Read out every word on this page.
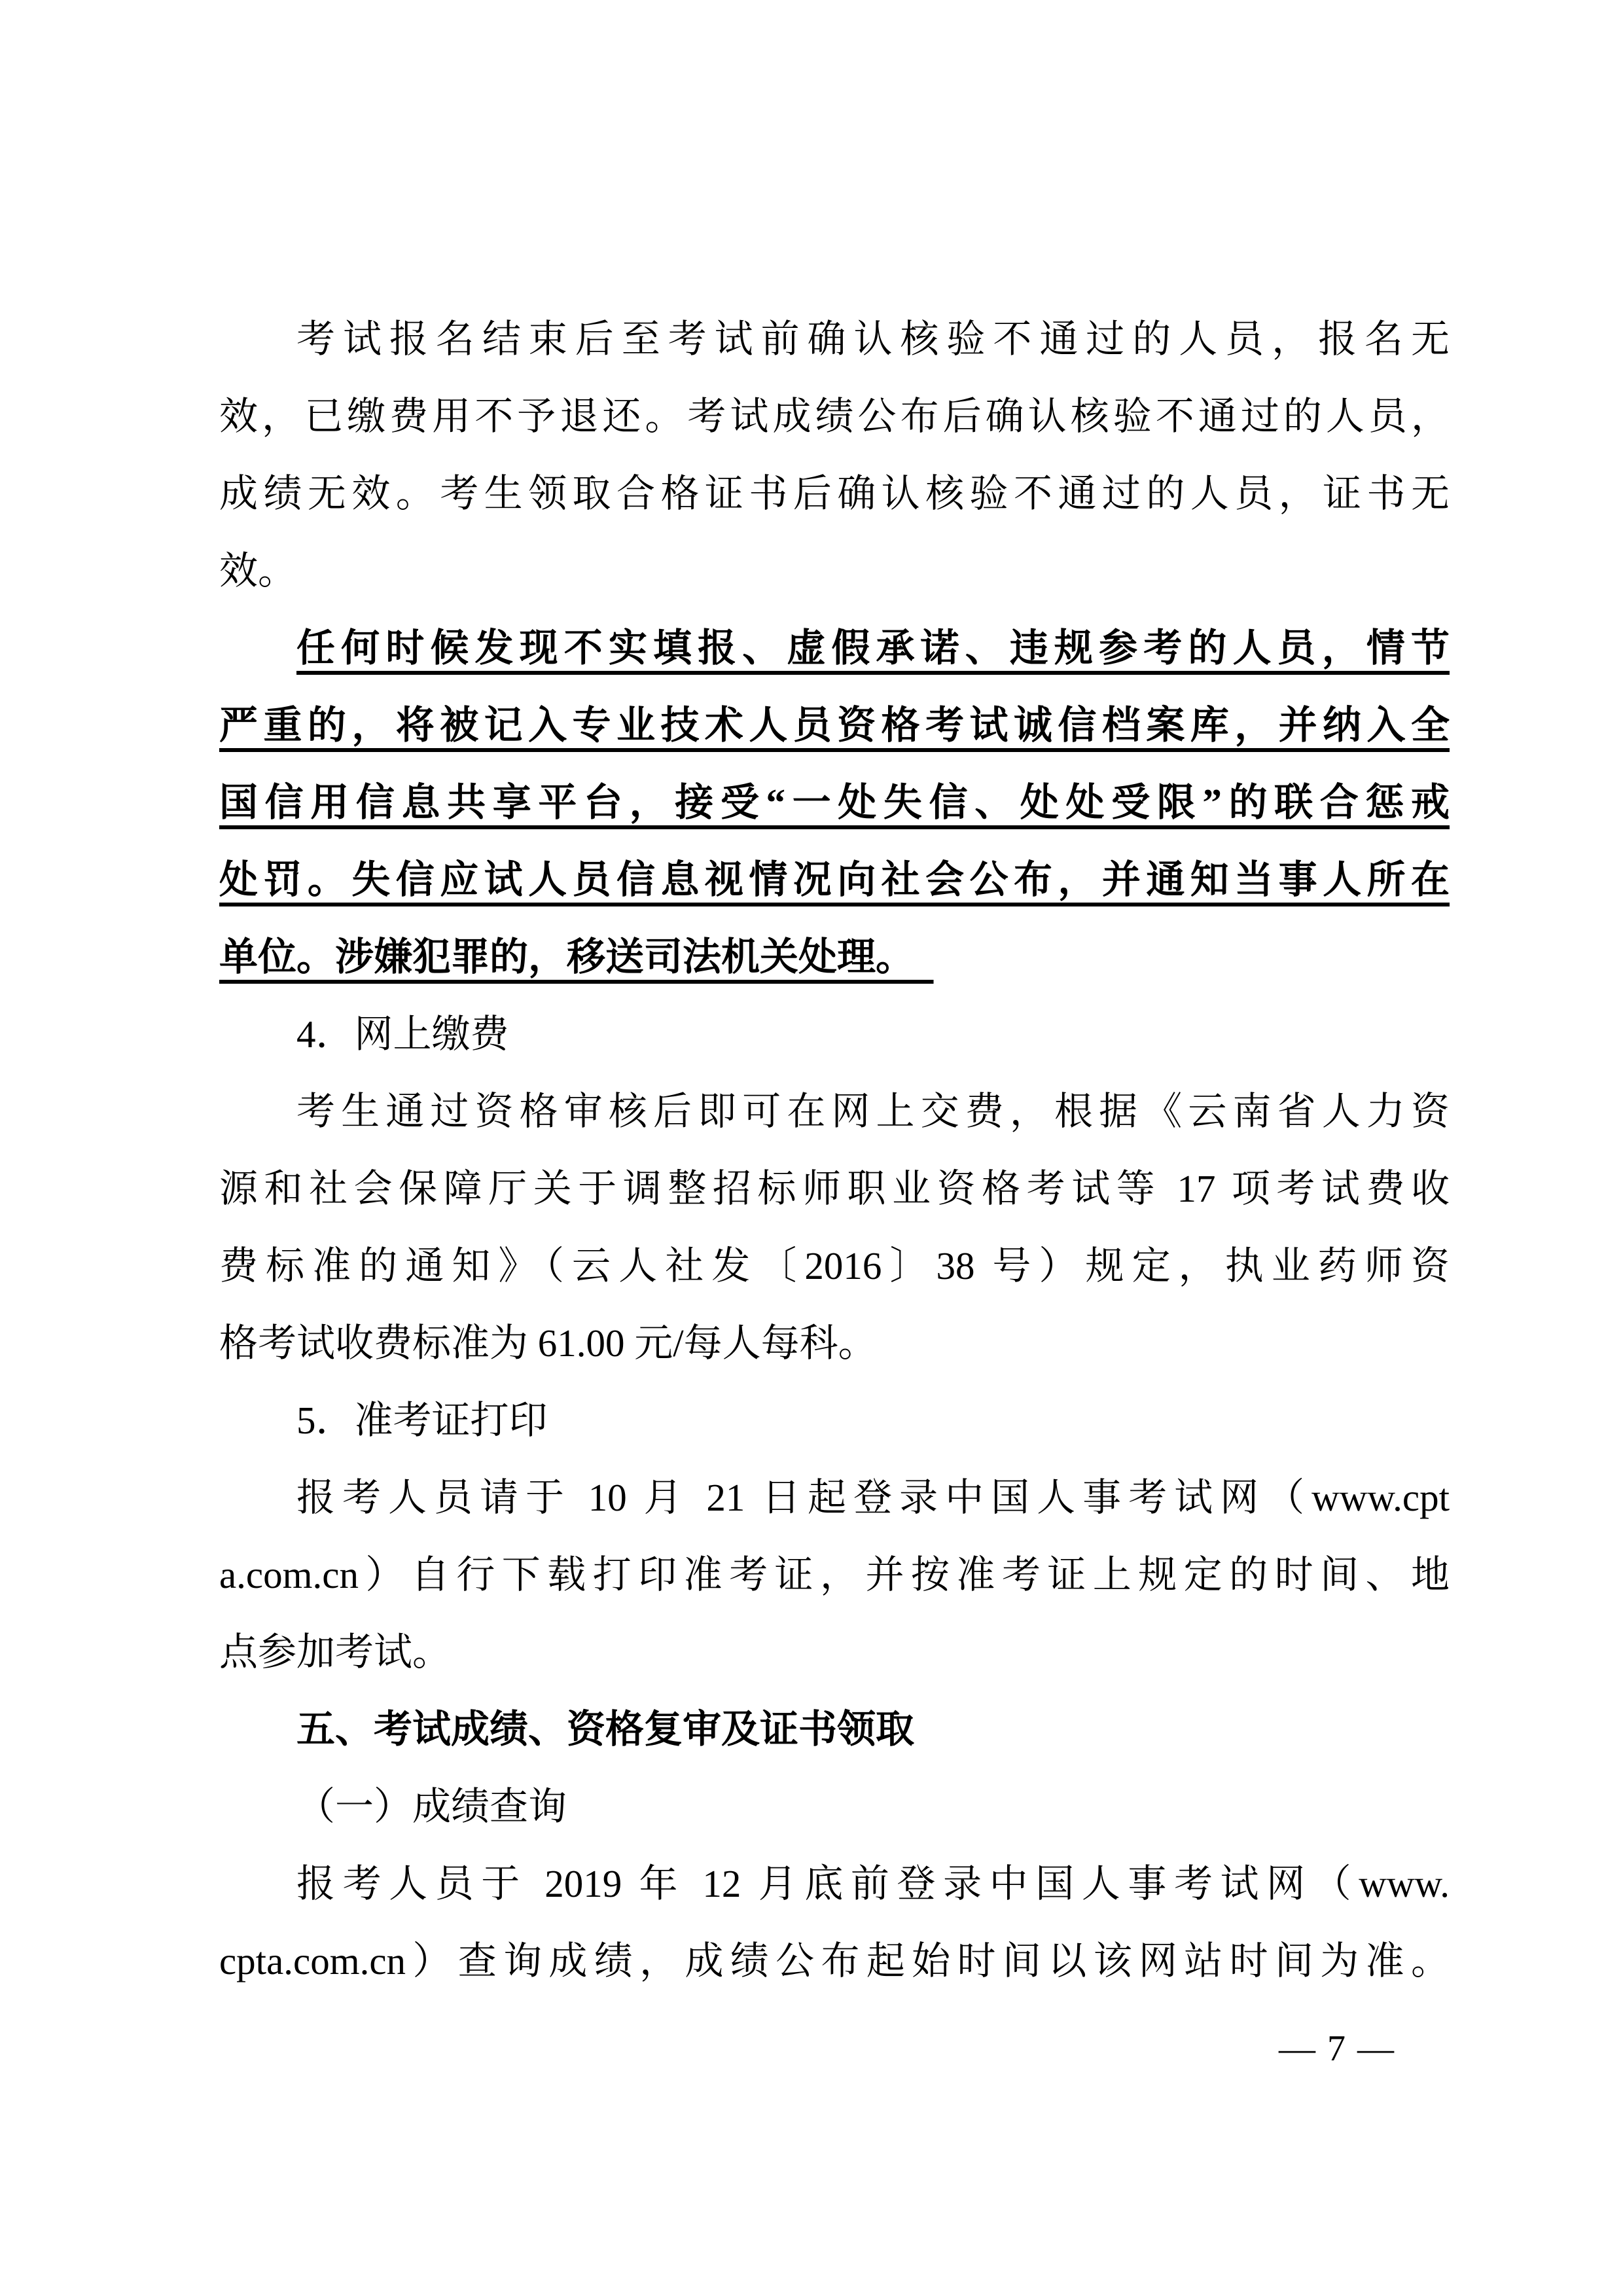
考试报名结束后至考试前确认核验不通过的人员，报名无
效，已缴费用不予退还。考试成绩公布后确认核验不通过的人员，
成绩无效。考生领取合格证书后确认核验不通过的人员，证书无
效。
任何时候发现不实填报、虚假承诺、违规参考的人员，情节
严重的，将被记入专业技术人员资格考试诚信档案库，并纳入全
国信用信息共享平台，接受“一处失信、处处受限”的联合惩戒
处罚。失信应试人员信息视情况向社会公布，并通知当事人所在
单位。涉嫌犯罪的，移送司法机关处理。　
4．网上缴费
考生通过资格审核后即可在网上交费，根据《云南省人力资
源和社会保障厅关于调整招标师职业资格考试等 17 项考试费收
费标准的通知》（云人社发〔2016〕38 号）规定，执业药师资
格考试收费标准为 61.00 元/每人每科。
5．准考证打印
报考人员请于 10 月 21 日起登录中国人事考试网（www.cpt
a.com.cn）自行下载打印准考证，并按准考证上规定的时间、地
点参加考试。
五、考试成绩、资格复审及证书领取
（一）成绩查询
报考人员于 2019 年 12 月底前登录中国人事考试网（www.
cpta.com.cn）查询成绩，成绩公布起始时间以该网站时间为准。
— 7 —
